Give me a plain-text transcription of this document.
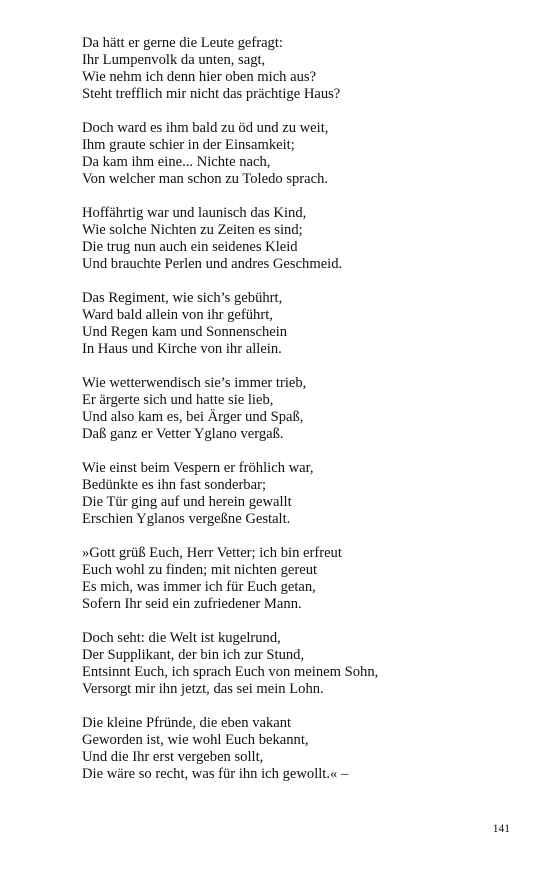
Da hätt er gerne die Leute gefragt:
Ihr Lumpenvolk da unten, sagt,
Wie nehm ich denn hier oben mich aus?
Steht trefflich mir nicht das prächtige Haus?
Doch ward es ihm bald zu öd und zu weit,
Ihm graute schier in der Einsamkeit;
Da kam ihm eine... Nichte nach,
Von welcher man schon zu Toledo sprach.
Hoffährtig war und launisch das Kind,
Wie solche Nichten zu Zeiten es sind;
Die trug nun auch ein seidenes Kleid
Und brauchte Perlen und andres Geschmeid.
Das Regiment, wie sich’s gebührt,
Ward bald allein von ihr geführt,
Und Regen kam und Sonnenschein
In Haus und Kirche von ihr allein.
Wie wetterwendisch sie’s immer trieb,
Er ärgerte sich und hatte sie lieb,
Und also kam es, bei Ärger und Spaß,
Daß ganz er Vetter Yglano vergaß.
Wie einst beim Vespern er fröhlich war,
Bedünkte es ihn fast sonderbar;
Die Tür ging auf und herein gewallt
Erschien Yglanos vergeßne Gestalt.
»Gott grüß Euch, Herr Vetter; ich bin erfreut
Euch wohl zu finden; mit nichten gereut
Es mich, was immer ich für Euch getan,
Sofern Ihr seid ein zufriedener Mann.
Doch seht: die Welt ist kugelrund,
Der Supplikant, der bin ich zur Stund,
Entsinnt Euch, ich sprach Euch von meinem Sohn,
Versorgt mir ihn jetzt, das sei mein Lohn.
Die kleine Pfründe, die eben vakant
Geworden ist, wie wohl Euch bekannt,
Und die Ihr erst vergeben sollt,
Die wäre so recht, was für ihn ich gewollt.« –
141
